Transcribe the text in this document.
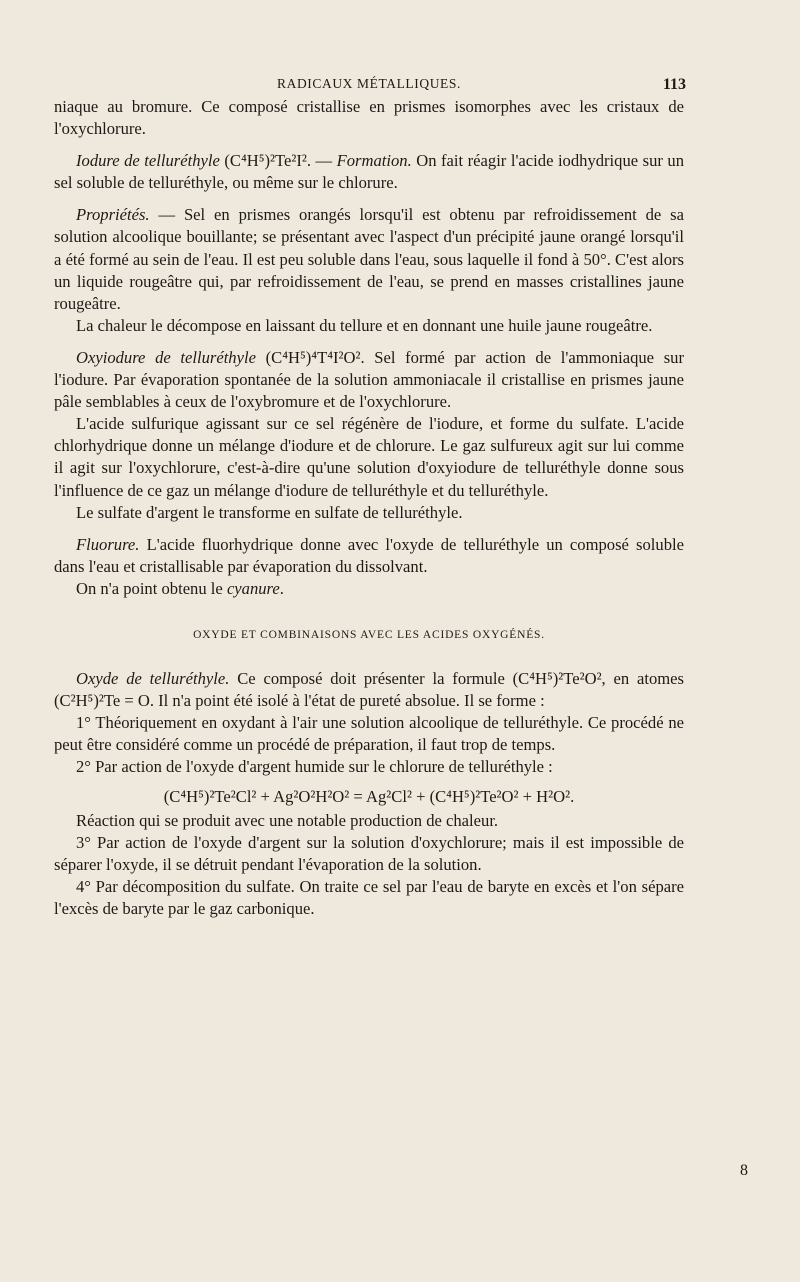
RADICAUX MÉTALLIQUES.	113

niaque au bromure. Ce composé cristallise en prismes isomorphes avec les cristaux de l'oxychlorure.

Iodure de telluréthyle (C⁴H⁵)²Te²I². — Formation. On fait réagir l'acide iodhydrique sur un sel soluble de telluréthyle, ou même sur le chlorure.

Propriétés. — Sel en prismes orangés lorsqu'il est obtenu par refroidissement de sa solution alcoolique bouillante; se présentant avec l'aspect d'un précipité jaune orangé lorsqu'il a été formé au sein de l'eau. Il est peu soluble dans l'eau, sous laquelle il fond à 50°. C'est alors un liquide rougeâtre qui, par refroidissement de l'eau, se prend en masses cristallines jaune rougeâtre.

La chaleur le décompose en laissant du tellure et en donnant une huile jaune rougeâtre.

Oxyiodure de telluréthyle (C⁴H⁵)⁴T⁴I²O². Sel formé par action de l'ammoniaque sur l'iodure. Par évaporation spontanée de la solution ammoniacale il cristallise en prismes jaune pâle semblables à ceux de l'oxybromure et de l'oxychlorure.

L'acide sulfurique agissant sur ce sel régénère de l'iodure, et forme du sulfate. L'acide chlorhydrique donne un mélange d'iodure et de chlorure. Le gaz sulfureux agit sur lui comme il agit sur l'oxychlorure, c'est-à-dire qu'une solution d'oxyiodure de telluréthyle donne sous l'influence de ce gaz un mélange d'iodure de telluréthyle et du telluréthyle.

Le sulfate d'argent le transforme en sulfate de telluréthyle.

Fluorure. L'acide fluorhydrique donne avec l'oxyde de telluréthyle un composé soluble dans l'eau et cristallisable par évaporation du dissolvant.

On n'a point obtenu le cyanure.

OXYDE ET COMBINAISONS AVEC LES ACIDES OXYGÉNÉS.

Oxyde de telluréthyle. Ce composé doit présenter la formule (C⁴H⁵)²Te²O², en atomes (C²H⁵)²Te = O. Il n'a point été isolé à l'état de pureté absolue. Il se forme :

1° Théoriquement en oxydant à l'air une solution alcoolique de telluréthyle. Ce procédé ne peut être considéré comme un procédé de préparation, il faut trop de temps.

2° Par action de l'oxyde d'argent humide sur le chlorure de telluréthyle :

(C⁴H⁵)²Te²Cl² + Ag²O²H²O² = Ag²Cl² + (C⁴H⁵)²Te²O² + H²O².

Réaction qui se produit avec une notable production de chaleur.

3° Par action de l'oxyde d'argent sur la solution d'oxychlorure; mais il est impossible de séparer l'oxyde, il se détruit pendant l'évaporation de la solution.

4° Par décomposition du sulfate. On traite ce sel par l'eau de baryte en excès et l'on sépare l'excès de baryte par le gaz carbonique.

8
